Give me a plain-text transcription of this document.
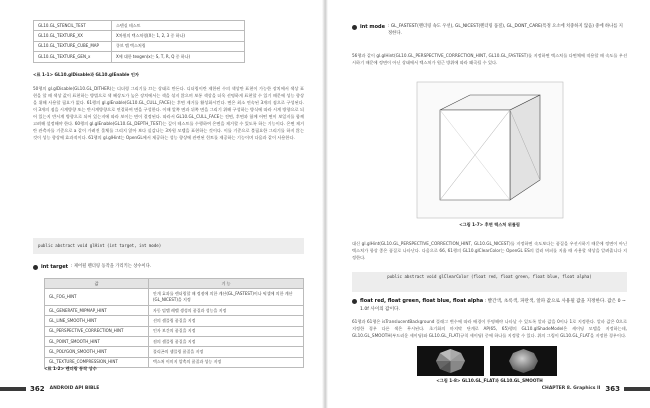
GL10.GL_STENCIL_TEST	스텐실 테스트
GL10.GL_TEXTURE_XX	X차원의 텍스처링(X는 1, 2, 3 중 하나)
GL10.GL_TEXTURE_CUBE_MAP	큐브 맵 텍스처링
GL10.GL_TEXTURE_GEN_x	X에 대한 texgen(x는 S, T, R, Q 중 하나)
<표 1-1> GL10.glDisable과 GL10.glEnable 인자
50행의 gl.glDisable(GL10.GL_DITHER)는 디더링 그리기를 끄는 상태로 만든다. 디더링이란 제한된 수의 색상만 표현이 가능한 장치에서 색상 표현을 할 때 색상 값이 표현하는 방법으로 색 혜상도가 높은 장치에서는 색을 섞지 않으며 보통 색상을 더욱 선명하게 표현할 수 있기 때문에 성능 향상을 위해 사용할 필요가 없다. 61행의 gl.glEnable(GL10.GL_CULL_FACE)는 후면 제거를 활성화시킨다. 면은 최소 연속된 3개의 점으로 구성된다. 이 3개의 점을 시계방향 또는 반시계방향으로 연결하여 면을 구성한다. 이때 앞쪽 면과 뒤쪽 면을 그리기 위해 구성하는 방식에 따라 시계 방향으로 되어 있는지 반시계 방향으로 되어 있는지에 따라 보이는 면이 결정된다. 따라서 GL10.GL_CULL_FACE는 전면, 후면과 함께 어떤 면이 보일지를 함께 고려해 설정해야 한다. 60행의 gl.glEnable(GL10.GL_DEPTH_TEST)는 깊이 테스트를 수행하여 은면을 제거할 수 있도록 하는 기능이다. 은면 제거란 관측자를 기준으로 a 같이 가려진 물체를 그리지 않아 보다 실감나는 3차원 모델을 표현하는 것이다. 이를 기준으로 불필요한 그리기를 하지 않는 것이 성능 향상에 효과적이다. 61행의 gl.glHint는 OpenGL에서 제공하는 성능 향상에 관련된 힌트를 제공하는 기능이며 다음과 같이 사용한다.
public abstract void glHint (int target, int mode)
int target : 제어될 렌더링 동작을 가리키는 상수이다.
값	기 능
GL_FOG_HINT	안개 효과를 렌더링할 때 정점에 의한 계산(GL_FASTEST)이나 픽셀에 의한 계산(GL_NICEST)을 지정
GL_GENERATE_MIPMAP_HINT	자동 밉맵 레벨 생성의 품질과 성능을 지정
GL_LINE_SMOOTH_HINT	선의 샘플링 품질을 지정
GL_PERSPECTIVE_CORRECTION_HINT	인자 보간의 품질을 지정
GL_POINT_SMOOTH_HINT	점의 샘플링 품질을 지정
GL_POLYGON_SMOOTH_HINT	폴리곤의 샘플링 품질을 지정
GL_TEXTURE_COMPRESSION_HINT	텍스처 이미지 압축의 품질과 성능 지정
<표 1-2> 렌더링 동작 상수
362 ANDROID API BIBLE
int mode : GL_FASTEST(렌더링 속도 우선), GL_NICEST(렌더링 품질), GL_DONT_CARE(특정 요소에 치중하지 않음) 중에 하나를 지정한다.
56행과 같이 gl.glHint(GL10.GL_PERSPECTIVE_CORRECTION_HINT, GL10.GL_FASTEST)를 지정하면 텍스처를 다면체에 적용할 때 속도를 우선시하기 때문에 정면이 아닌 상태에서 텍스처가 원근 방위에 따라 왜곡될 수 있다.
<그림 1-7> 후면 텍스처 위틀림
대신 gl.glHint(GL10.GL_PERSPECTIVE_CORRECTION_HINT, GL10.GL_NICEST)를 지정하면 속도보다는 품질을 우선시하기 때문에 정면이 아닌 텍스처가 항상 좋은 품질로 나타난다. 다음으로 66, 61행의 GL10.glClearColor는 OpenGL ES의 컬러 버퍼를 지울 때 사용할 색상을 알려줍니다 지정한다.
public abstract void glClearColor (float red, float green, float blue, float alpha)
float red, float green, float blue, float alpha : 빨간색, 초록색, 파란색, 알파 값으로 사용될 값을 지정한다. 값은 0 ~ 1.0f 사이의 값이다.
61행과 61행은 isTranslucentBackground 플래그 변수에 따라 배경이 투명해야 나타날 수 있도록 알파 값을 0이나 1로 지정한다. 알파 값은 0으로 지정한 경우 다른 색은 무시된다. 초기화의 마지막 단계로 AP(65, 65)행의 GL10.glShadeModel은 셰이딩 모델을 지정하는데, GL10.GL_SMOOTH(부드러운 셰이딩)와 GL10.GL_FLAT(규칙 셰이딩) 중에 하나를 지정할 수 있다. 위의 그림이 GL10.GL_FLAT을 지정한 경우이다.
<그림 1-8> GL10.GL_FLAT과 GL10.GL_SMOOTH
CHAPTER 8. Graphics II 363
